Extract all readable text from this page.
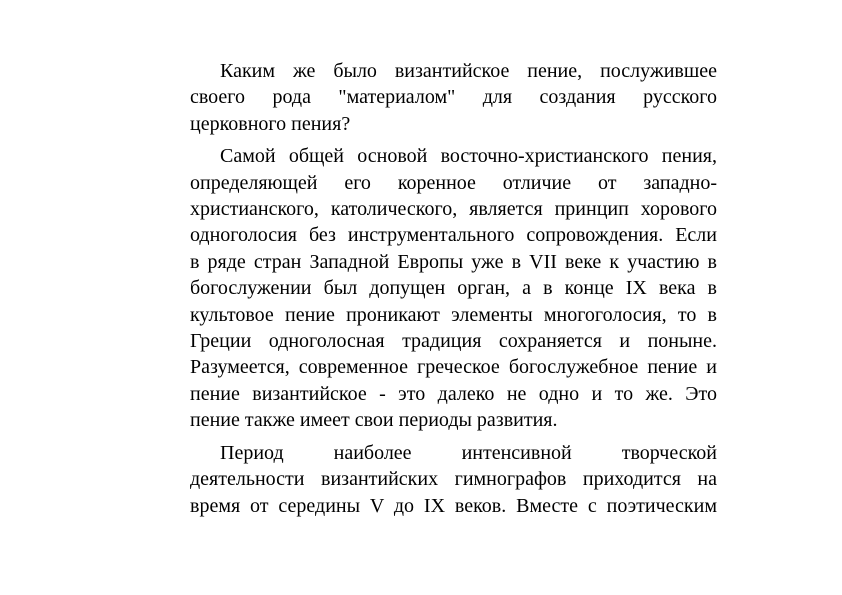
Каким же было византийское пение, послужившее
своего рода "материалом" для создания русского
церковного пения?
Самой общей основой восточно-христианского пения,
определяющей его коренное отличие от западно-
христианского, католического, является принцип хорового
одноголосия без инструментального сопровождения. Если
в ряде стран Западной Европы уже в VII веке к участию в
богослужении был допущен орган, а в конце IX века в
культовое пение проникают элементы многоголосия, то в
Греции одноголосная традиция сохраняется и поныне.
Разумеется, современное греческое богослужебное пение и
пение византийское - это далеко не одно и то же. Это
пение также имеет свои периоды развития.
Период наиболее интенсивной творческой
деятельности византийских гимнографов приходится на
время от середины V до IX веков. Вместе с поэтическим
